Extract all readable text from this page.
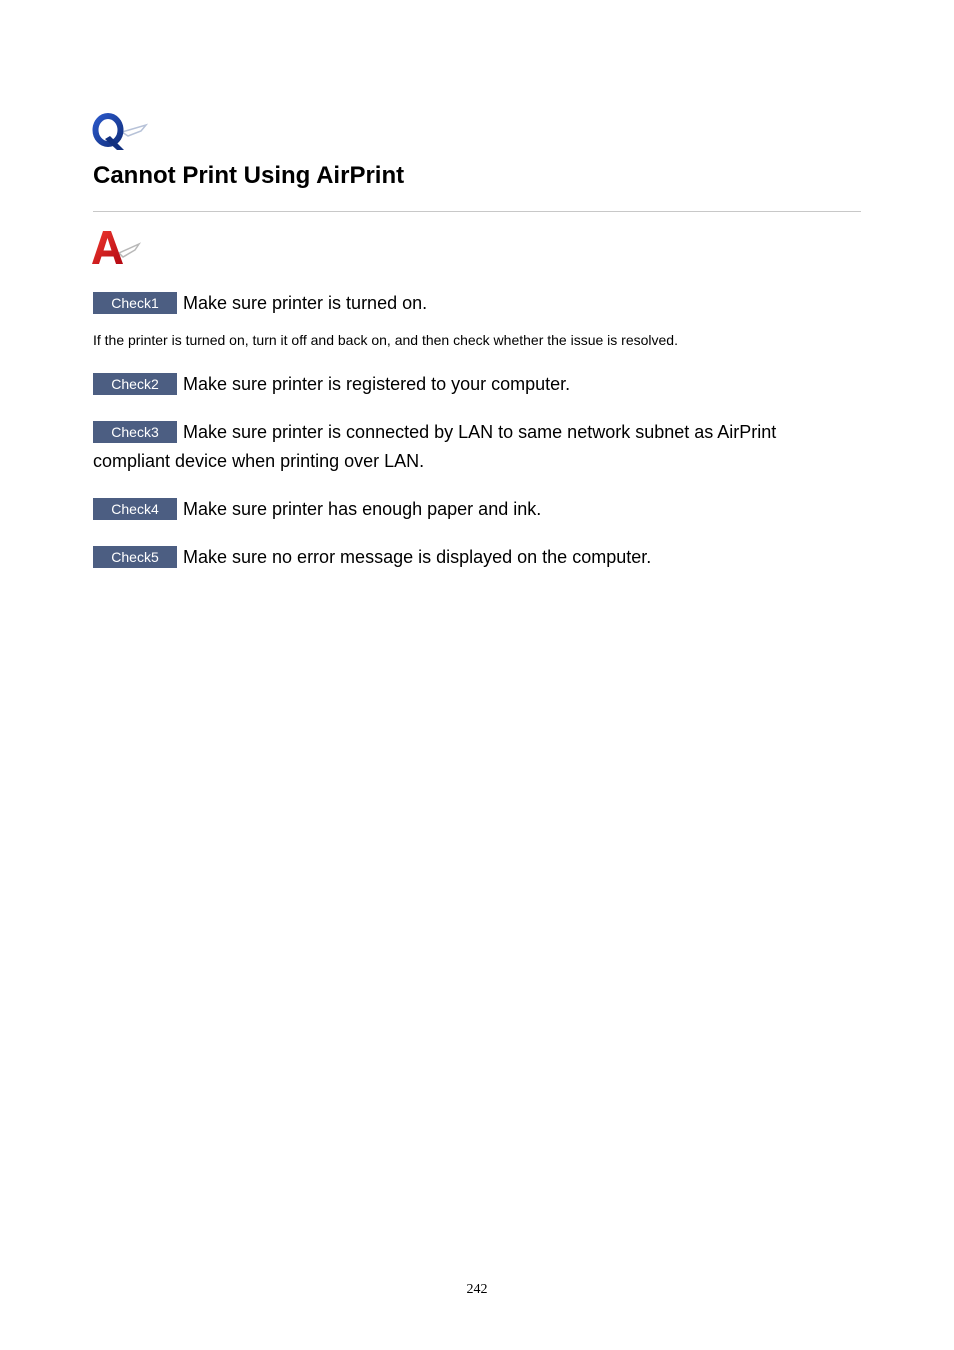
Cannot Print Using AirPrint
Check1 Make sure printer is turned on.
If the printer is turned on, turn it off and back on, and then check whether the issue is resolved.
Check2 Make sure printer is registered to your computer.
Check3 Make sure printer is connected by LAN to same network subnet as AirPrint compliant device when printing over LAN.
Check4 Make sure printer has enough paper and ink.
Check5 Make sure no error message is displayed on the computer.
242
